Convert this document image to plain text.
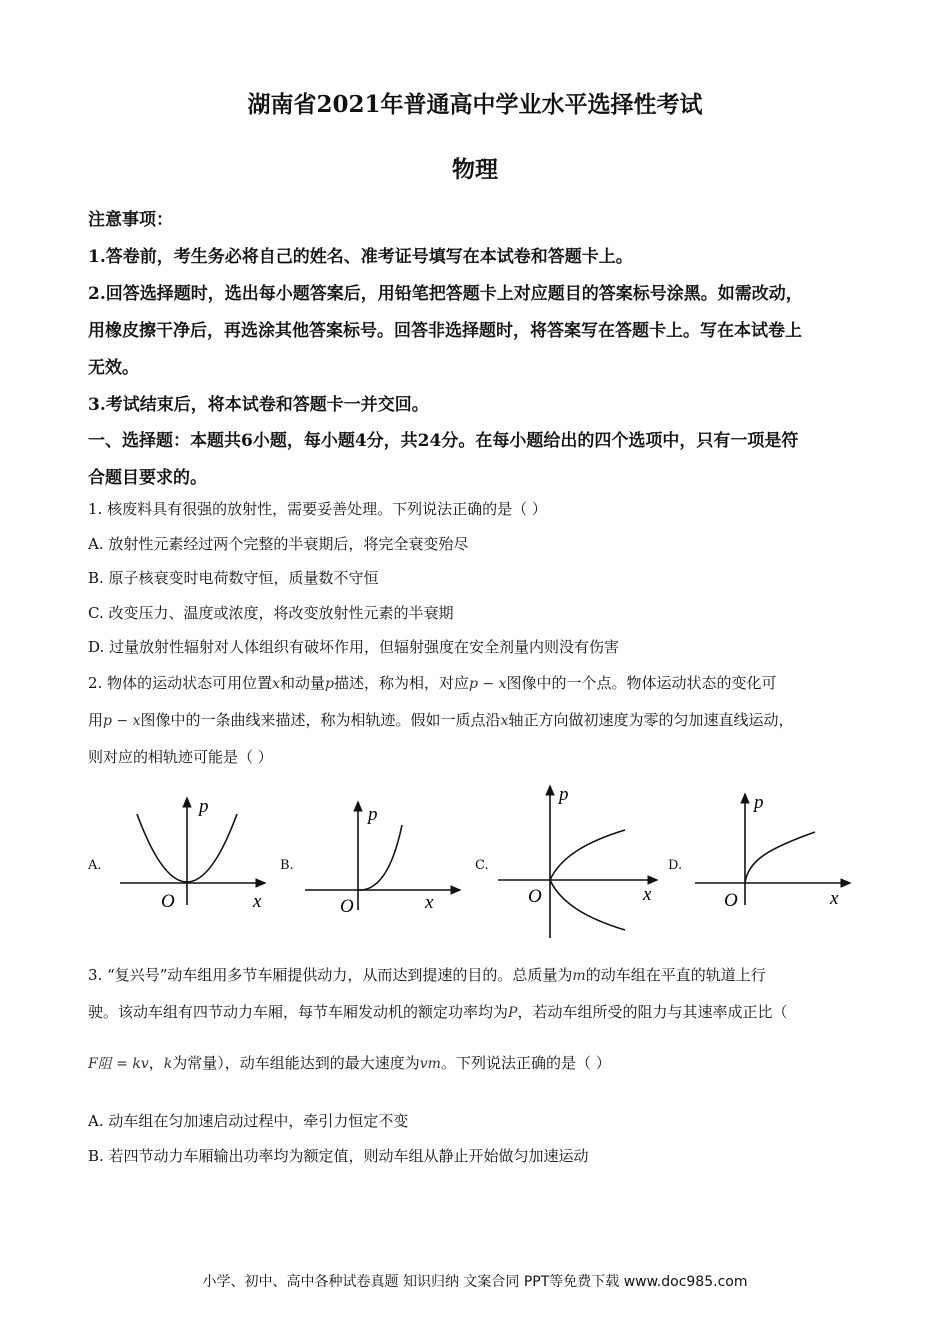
湖南省2021年普通高中学业水平选择性考试
物理
注意事项：
1.答卷前，考生务必将自己的姓名、准考证号填写在本试卷和答题卡上。
2.回答选择题时，选出每小题答案后，用铅笔把答题卡上对应题目的答案标号涂黑。如需改动，
用橡皮擦干净后，再选涂其他答案标号。回答非选择题时，将答案写在答题卡上。写在本试卷上
无效。
3.考试结束后，将本试卷和答题卡一并交回。
一、选择题：本题共6小题，每小题4分，共24分。在每小题给出的四个选项中，只有一项是符
合题目要求的。
1. 核废料具有很强的放射性，需要妥善处理。下列说法正确的是（ ）
A. 放射性元素经过两个完整的半衰期后，将完全衰变殆尽
B. 原子核衰变时电荷数守恒，质量数不守恒
C. 改变压力、温度或浓度，将改变放射性元素的半衰期
D. 过量放射性辐射对人体组织有破坏作用，但辐射强度在安全剂量内则没有伤害
2. 物体的运动状态可用位置x和动量p描述，称为相，对应p − x图像中的一个点。物体运动状态的变化可
用p − x图像中的一条曲线来描述，称为相轨迹。假如一质点沿x轴正方向做初速度为零的匀加速直线运动，
则对应的相轨迹可能是（ ）
A.
p
O	x
B.
p
O	x
C.
p
O	x
D.
p
O	x
3. “复兴号”动车组用多节车厢提供动力，从而达到提速的目的。总质量为m的动车组在平直的轨道上行
驶。该动车组有四节动力车厢，每节车厢发动机的额定功率均为P，若动车组所受的阻力与其速率成正比（
F阻 = kv，k为常量），动车组能达到的最大速度为vm。下列说法正确的是（ ）
A. 动车组在匀加速启动过程中，牵引力恒定不变
B. 若四节动力车厢输出功率均为额定值，则动车组从静止开始做匀加速运动
小学、初中、高中各种试卷真题 知识归纳 文案合同 PPT等免费下载 www.doc985.com
